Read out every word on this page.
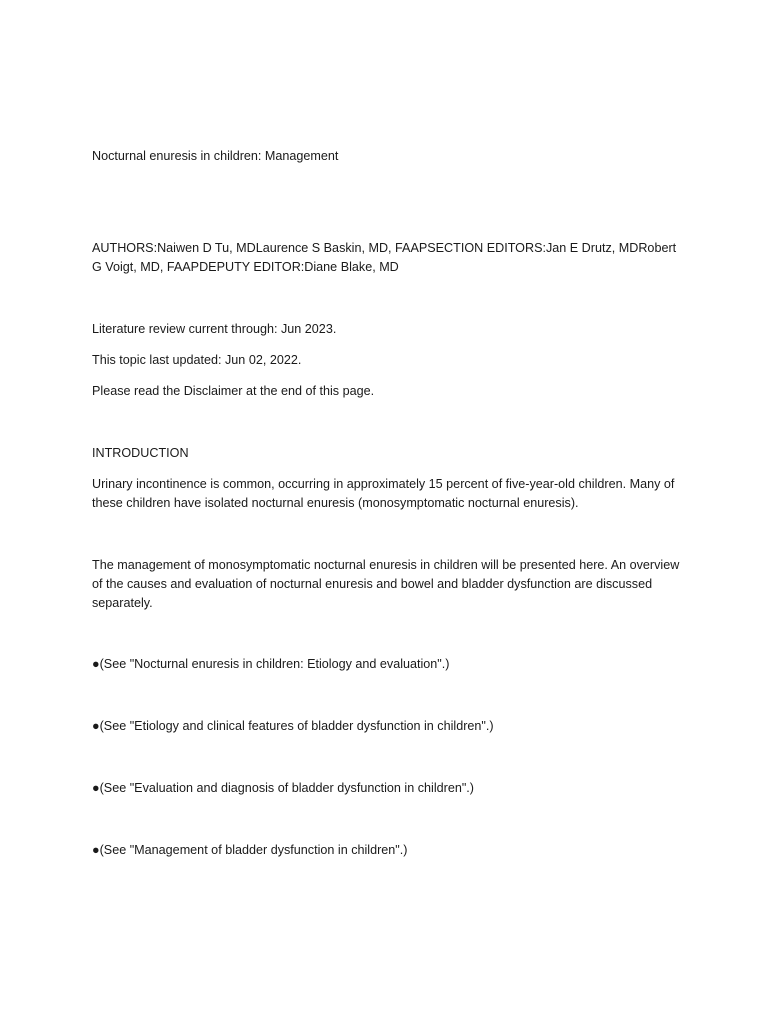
Nocturnal enuresis in children: Management

AUTHORS:Naiwen D Tu, MDLaurence S Baskin, MD, FAAPSECTION EDITORS:Jan E Drutz, MDRobert G Voigt, MD, FAAPDEPUTY EDITOR:Diane Blake, MD

Literature review current through: Jun 2023.

This topic last updated: Jun 02, 2022.

Please read the Disclaimer at the end of this page.

INTRODUCTION

Urinary incontinence is common, occurring in approximately 15 percent of five-year-old children. Many of these children have isolated nocturnal enuresis (monosymptomatic nocturnal enuresis).

The management of monosymptomatic nocturnal enuresis in children will be presented here. An overview of the causes and evaluation of nocturnal enuresis and bowel and bladder dysfunction are discussed separately.

●(See "Nocturnal enuresis in children: Etiology and evaluation".)

●(See "Etiology and clinical features of bladder dysfunction in children".)

●(See "Evaluation and diagnosis of bladder dysfunction in children".)

●(See "Management of bladder dysfunction in children".)
